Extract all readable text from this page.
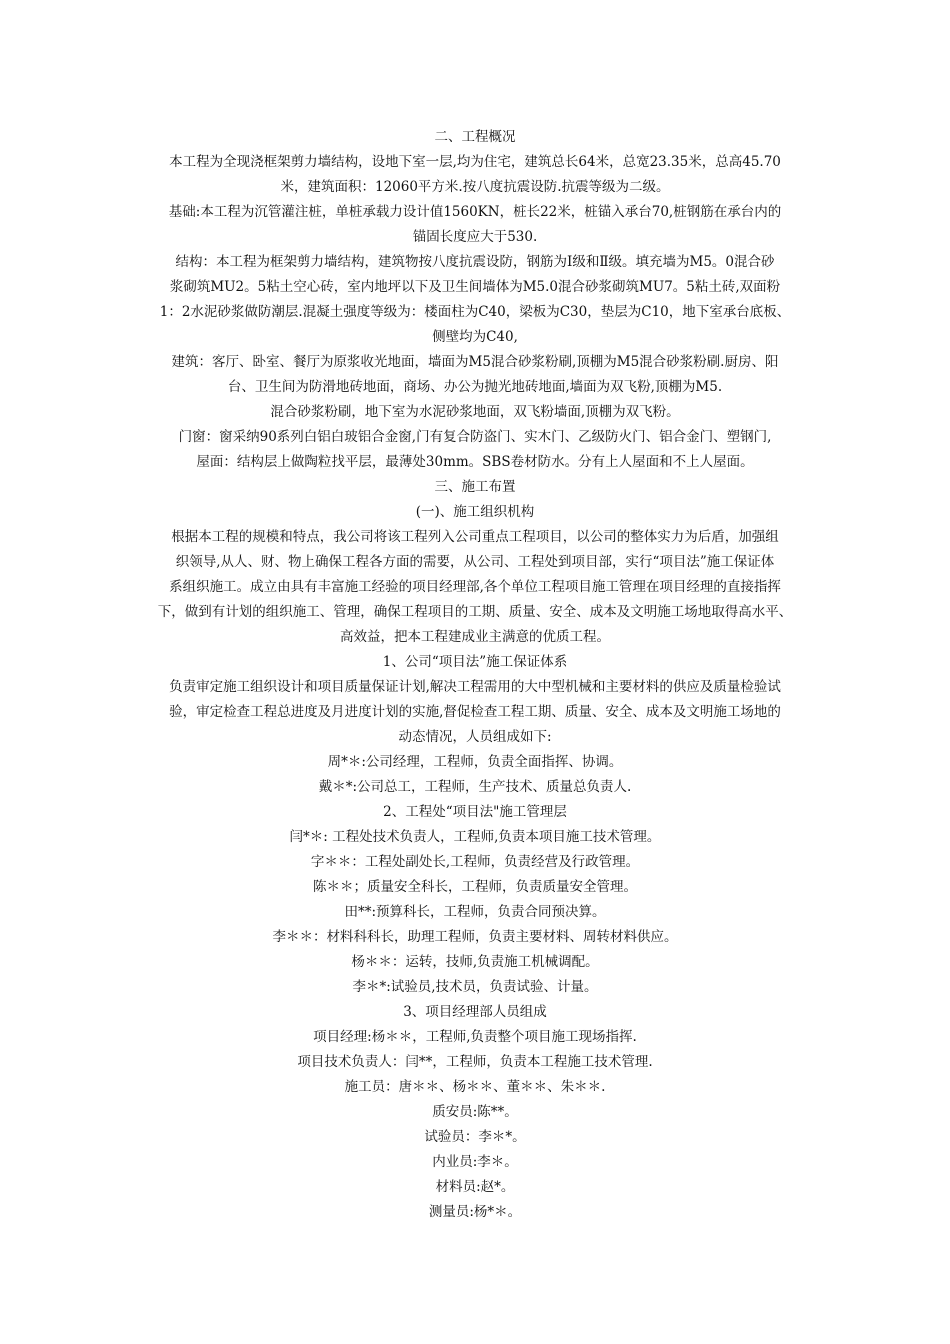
二、工程概况
本工程为全现浇框架剪力墙结构，设地下室一层,均为住宅，建筑总长64米，总宽23.35米，总高45.70
米，建筑面积：12060平方米.按八度抗震设防.抗震等级为二级。
基础:本工程为沉管灌注桩，单桩承载力设计值1560KN，桩长22米，桩锚入承台70,桩钢筋在承台内的
锚固长度应大于530.
结构：本工程为框架剪力墙结构，建筑物按八度抗震设防，钢筋为Ⅰ级和Ⅱ级。填充墙为M5。0混合砂
浆砌筑MU2。5粘土空心砖，室内地坪以下及卫生间墙体为M5.0混合砂浆砌筑MU7。5粘土砖,双面粉
1：2水泥砂浆做防潮层.混凝土强度等级为：楼面柱为C40，梁板为C30，垫层为C10，地下室承台底板、
侧壁均为C40,
建筑：客厅、卧室、餐厅为原浆收光地面，墙面为M5混合砂浆粉刷,顶棚为M5混合砂浆粉刷.厨房、阳
台、卫生间为防滑地砖地面，商场、办公为抛光地砖地面,墙面为双飞粉,顶棚为M5.
混合砂浆粉刷，地下室为水泥砂浆地面，双飞粉墙面,顶棚为双飞粉。
门窗：窗采纳90系列白铝白玻铝合金窗,门有复合防盗门、实木门、乙级防火门、铝合金门、塑钢门,
屋面：结构层上做陶粒找平层，最薄处30mm。SBS卷材防水。分有上人屋面和不上人屋面。
三、施工布置
(一)、施工组织机构
根据本工程的规模和特点，我公司将该工程列入公司重点工程项目，以公司的整体实力为后盾，加强组
织领导,从人、财、物上确保工程各方面的需要，从公司、工程处到项目部，实行“项目法”施工保证体
系组织施工。成立由具有丰富施工经验的项目经理部,各个单位工程项目施工管理在项目经理的直接指挥
下，做到有计划的组织施工、管理，确保工程项目的工期、质量、安全、成本及文明施工场地取得高水平、
高效益，把本工程建成业主满意的优质工程。
1、公司“项目法”施工保证体系
负责审定施工组织设计和项目质量保证计划,解决工程需用的大中型机械和主要材料的供应及质量检验试
验，审定检查工程总进度及月进度计划的实施,督促检查工程工期、质量、安全、成本及文明施工场地的
动态情况，人员组成如下:
周*＊:公司经理，工程师，负责全面指挥、协调。
戴＊*:公司总工，工程师，生产技术、质量总负责人.
2、工程处“项目法"施工管理层
闫*＊: 工程处技术负责人，工程师,负责本项目施工技术管理。
字＊＊：工程处副处长,工程师，负责经营及行政管理。
陈＊＊；质量安全科长，工程师，负责质量安全管理。
田**:预算科长，工程师，负责合同预决算。
李＊＊：材料科科长，助理工程师，负责主要材料、周转材料供应。
杨＊＊：运转，技师,负责施工机械调配。
李＊*:试验员,技术员，负责试验、计量。
3、项目经理部人员组成
项目经理:杨＊＊，工程师,负责整个项目施工现场指挥.
项目技术负责人：闫**，工程师，负责本工程施工技术管理.
施工员：唐＊＊、杨＊＊、董＊＊、朱＊＊.
质安员:陈**。
试验员：李＊*。
内业员:李＊。
材料员:赵*。
测量员:杨*＊。
